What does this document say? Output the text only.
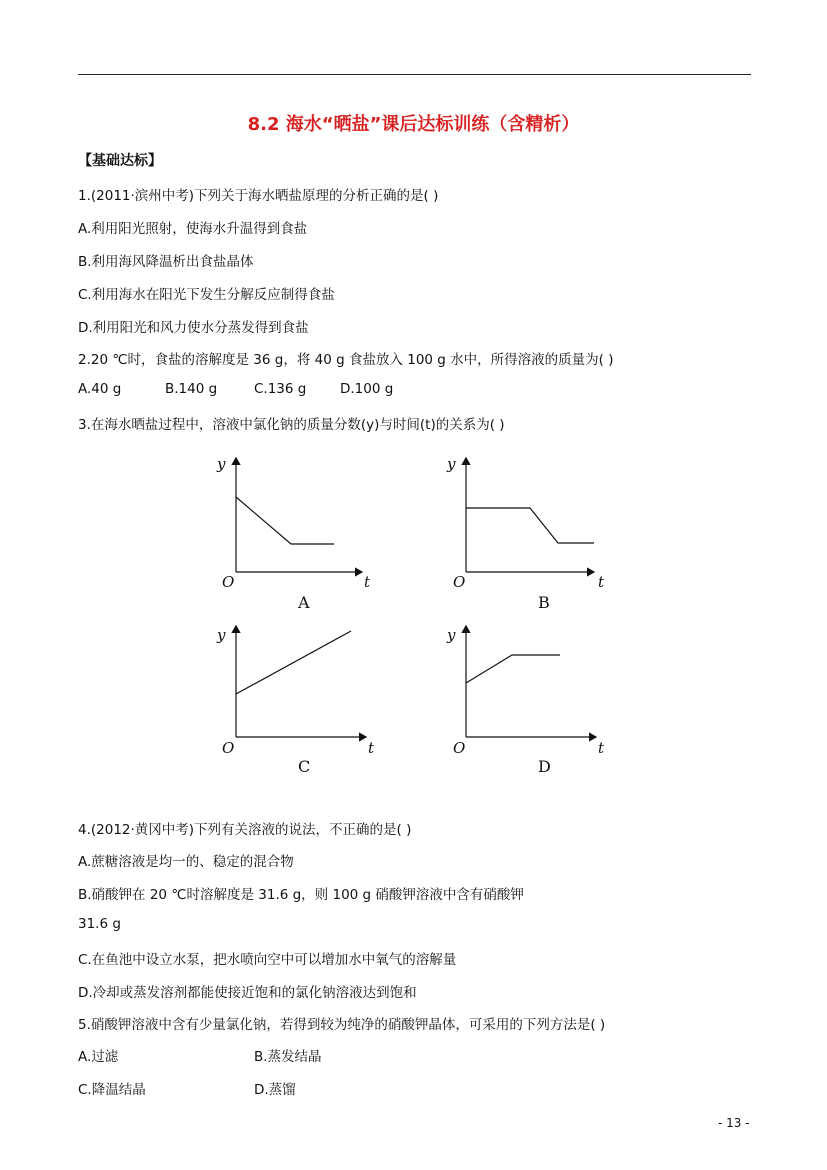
8.2 海水“晒盐”课后达标训练（含精析）
【基础达标】
1.(2011·滨州中考)下列关于海水晒盐原理的分析正确的是( )
A.利用阳光照射，使海水升温得到食盐
B.利用海风降温析出食盐晶体
C.利用海水在阳光下发生分解反应制得食盐
D.利用阳光和风力使水分蒸发得到食盐
2.20 ℃时，食盐的溶解度是 36 g，将 40 g 食盐放入 100 g 水中，所得溶液的质量为( )
A.40 g	B.140 g	C.136 g D.100 g
3.在海水晒盐过程中，溶液中氯化钠的质量分数(y)与时间(t)的关系为( )
y
t
O
A
y
t
O
B
y
t
O
C
y
t
O
D
4.(2012·黄冈中考)下列有关溶液的说法，不正确的是( )
A.蔗糖溶液是均一的、稳定的混合物
B.硝酸钾在 20 ℃时溶解度是 31.6 g，则 100 g 硝酸钾溶液中含有硝酸钾
31.6 g
C.在鱼池中设立水泵，把水喷向空中可以增加水中氧气的溶解量
D.冷却或蒸发溶剂都能使接近饱和的氯化钠溶液达到饱和
5.硝酸钾溶液中含有少量氯化钠，若得到较为纯净的硝酸钾晶体，可采用的下列方法是( )
A.过滤	B.蒸发结晶
C.降温结晶	D.蒸馏
- 13 -
